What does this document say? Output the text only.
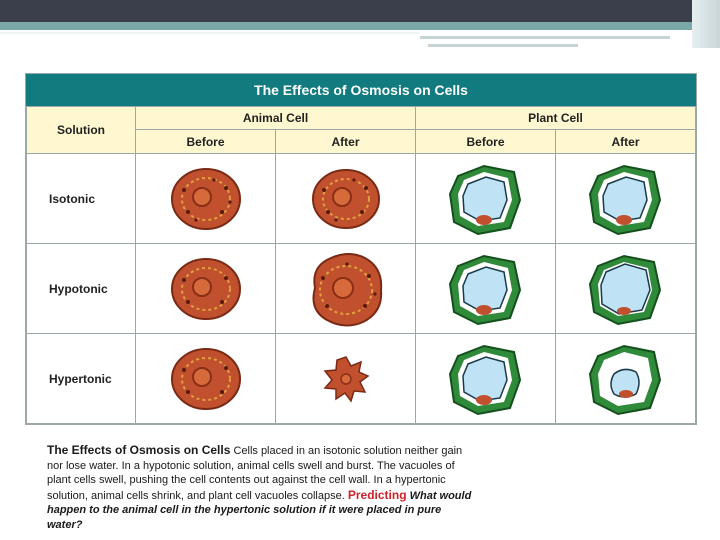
The Effects of Osmosis on Cells
Solution
Animal Cell	Plant Cell
Before	After	Before	After
Isotonic
Hypotonic
Hypertonic
The Effects of Osmosis on Cells Cells placed in an isotonic solution neither gain nor lose water. In a hypotonic solution, animal cells swell and burst. The vacuoles of plant cells swell, pushing the cell contents out against the cell wall. In a hypertonic solution, animal cells shrink, and plant cell vacuoles collapse. Predicting What would happen to the animal cell in the hypertonic solution if it were placed in pure water?
